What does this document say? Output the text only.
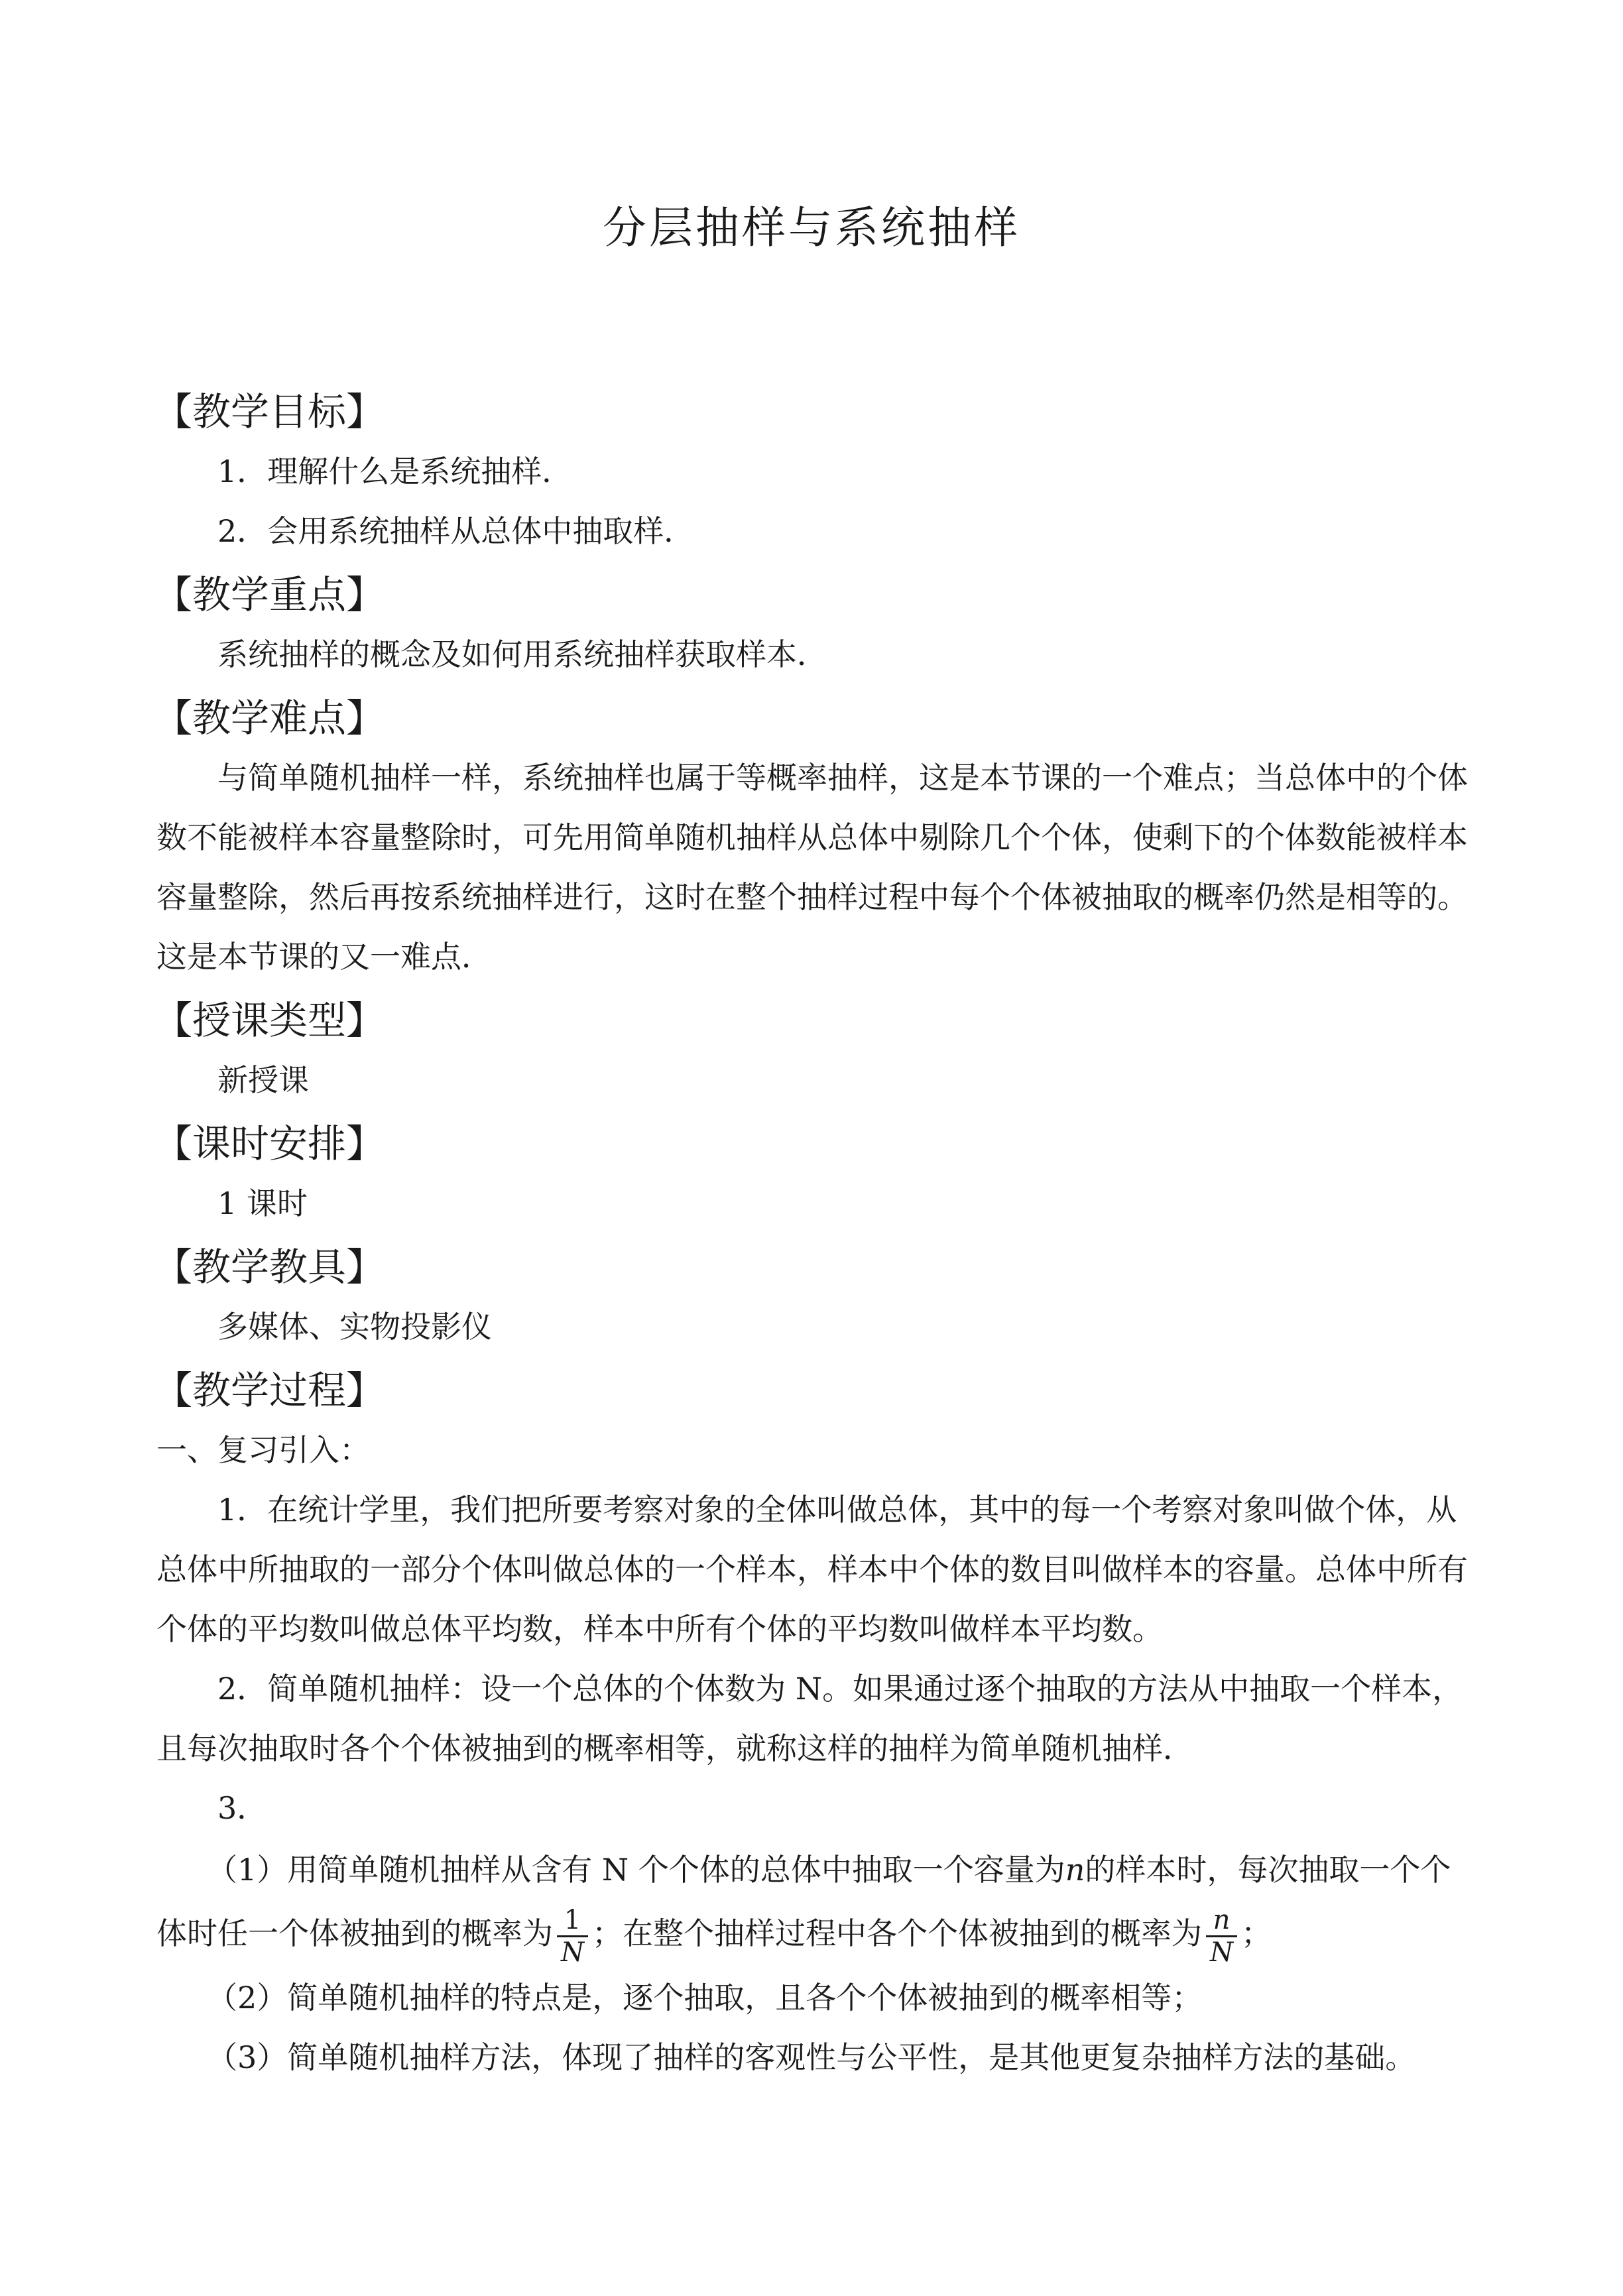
分层抽样与系统抽样
【教学目标】

1．理解什么是系统抽样．

2．会用系统抽样从总体中抽取样．

【教学重点】

系统抽样的概念及如何用系统抽样获取样本．

【教学难点】

与简单随机抽样一样，系统抽样也属于等概率抽样，这是本节课的一个难点；当总体中的个体数不能被样本容量整除时，可先用简单随机抽样从总体中剔除几个个体，使剩下的个体数能被样本容量整除，然后再按系统抽样进行，这时在整个抽样过程中每个个体被抽取的概率仍然是相等的。这是本节课的又一难点．

【授课类型】

新授课

【课时安排】

1 课时

【教学教具】

多媒体、实物投影仪

【教学过程】

一、复习引入：

1．在统计学里，我们把所要考察对象的全体叫做总体，其中的每一个考察对象叫做个体，从总体中所抽取的一部分个体叫做总体的一个样本，样本中个体的数目叫做样本的容量。总体中所有个体的平均数叫做总体平均数，样本中所有个体的平均数叫做样本平均数。

2．简单随机抽样：设一个总体的个体数为 N。如果通过逐个抽取的方法从中抽取一个样本，且每次抽取时各个个体被抽到的概率相等，就称这样的抽样为简单随机抽样．

3．

（1）用简单随机抽样从含有 N 个个体的总体中抽取一个容量为n的样本时，每次抽取一个个体时任一个体被抽到的概率为 $\frac{1}{N}$ ；在整个抽样过程中各个个体被抽到的概率为 $\frac{n}{N}$ ；

（2）简单随机抽样的特点是，逐个抽取，且各个个体被抽到的概率相等；

（3）简单随机抽样方法，体现了抽样的客观性与公平性，是其他更复杂抽样方法的基础。
